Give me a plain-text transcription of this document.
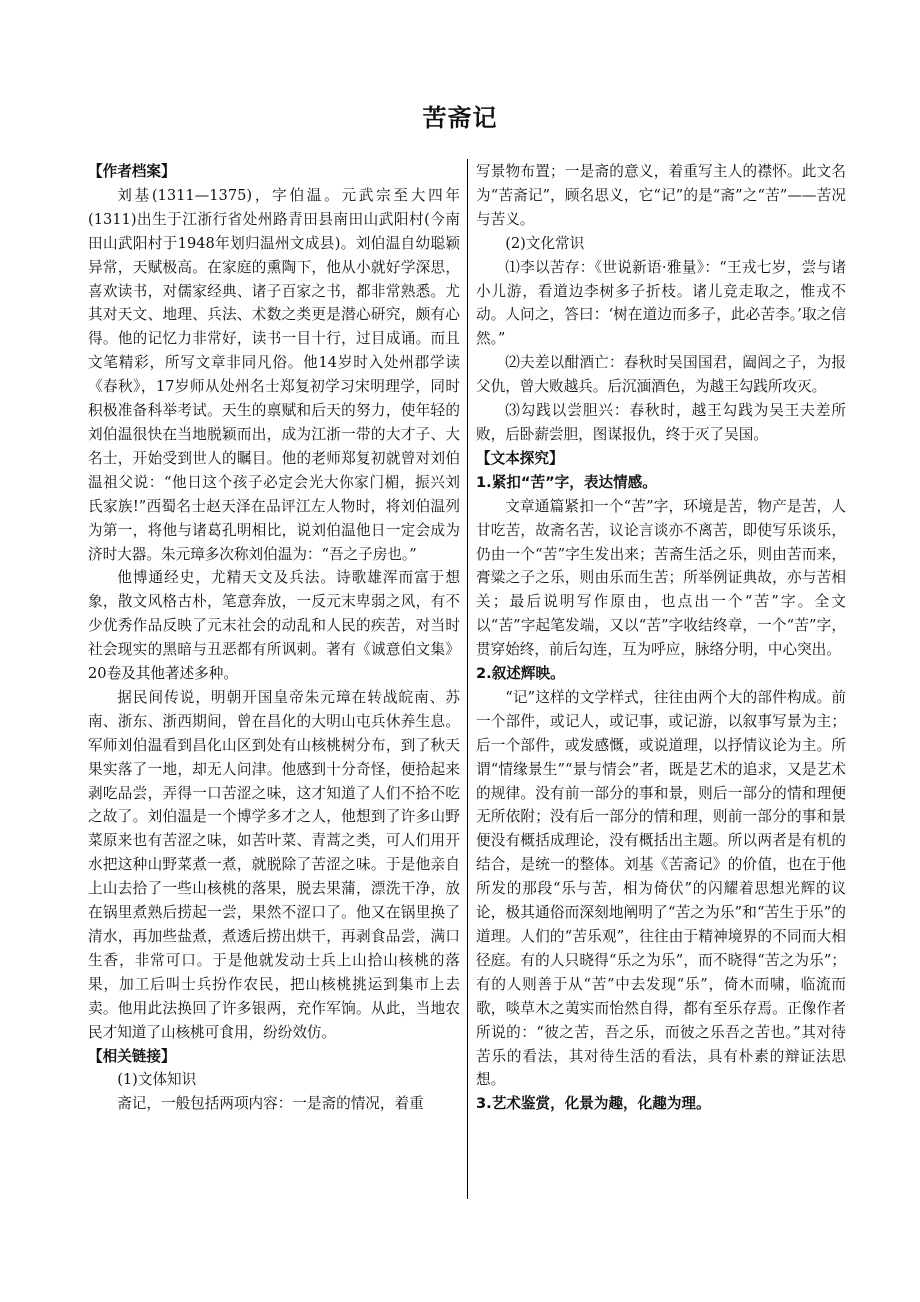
苦斋记
【作者档案】

刘基(1311—1375)，字伯温。元武宗至大四年(1311)出生于江浙行省处州路青田县南田山武阳村(今南田山武阳村于1948年划归温州文成县)。刘伯温自幼聪颖异常，天赋极高。在家庭的熏陶下，他从小就好学深思，喜欢读书，对儒家经典、诸子百家之书，都非常熟悉。尤其对天文、地理、兵法、术数之类更是潜心研究，颇有心得。他的记忆力非常好，读书一目十行，过目成诵。而且文笔精彩，所写文章非同凡俗。他14岁时入处州郡学读《春秋》，17岁师从处州名士郑复初学习宋明理学，同时积极准备科举考试。天生的禀赋和后天的努力，使年轻的刘伯温很快在当地脱颖而出，成为江浙一带的大才子、大名士，开始受到世人的瞩目。他的老师郑复初就曾对刘伯温祖父说：“他日这个孩子必定会光大你家门楣，振兴刘氏家族!”西蜀名士赵天泽在品评江左人物时，将刘伯温列为第一，将他与诸葛孔明相比，说刘伯温他日一定会成为济时大器。朱元璋多次称刘伯温为：“吾之子房也。”

他博通经史，尤精天文及兵法。诗歌雄浑而富于想象，散文风格古朴，笔意奔放，一反元末卑弱之风，有不少优秀作品反映了元末社会的动乱和人民的疾苦，对当时社会现实的黑暗与丑恶都有所讽刺。著有《诚意伯文集》20卷及其他著述多种。

据民间传说，明朝开国皇帝朱元璋在转战皖南、苏南、浙东、浙西期间，曾在昌化的大明山屯兵休养生息。军师刘伯温看到昌化山区到处有山核桃树分布，到了秋天果实落了一地，却无人问津。他感到十分奇怪，便拾起来剥吃品尝，弄得一口苦涩之味，这才知道了人们不拾不吃之故了。刘伯温是一个博学多才之人，他想到了许多山野菜原来也有苦涩之味，如苦叶菜、青蒿之类，可人们用开水把这种山野菜煮一煮，就脱除了苦涩之味。于是他亲自上山去拾了一些山核桃的落果，脱去果蒲，漂洗干净，放在锅里煮熟后捞起一尝，果然不涩口了。他又在锅里换了清水，再加些盐煮，煮透后捞出烘干，再剥食品尝，满口生香，非常可口。于是他就发动士兵上山拾山核桃的落果，加工后叫士兵扮作农民，把山核桃挑运到集市上去卖。他用此法换回了许多银两，充作军饷。从此，当地农民才知道了山核桃可食用，纷纷效仿。

【相关链接】

(1)文体知识

斋记，一般包括两项内容：一是斋的情况，着重

写景物布置；一是斋的意义，着重写主人的襟怀。此文名为“苦斋记”，顾名思义，它“记”的是“斋”之“苦”——苦况与苦义。

(2)文化常识

⑴李以苦存：《世说新语·雅量》：“王戎七岁，尝与诸小儿游，看道边李树多子折枝。诸儿竞走取之，惟戎不动。人问之，答曰：‘树在道边而多子，此必苦李。’取之信然。”

⑵夫差以酣酒亡：春秋时吴国国君，阖闾之子，为报父仇，曾大败越兵。后沉湎酒色，为越王勾践所攻灭。

⑶勾践以尝胆兴：春秋时，越王勾践为吴王夫差所败，后卧薪尝胆，图谋报仇，终于灭了吴国。

【文本探究】
1.紧扣“苦”字，表达情感。

文章通篇紧扣一个“苦”字，环境是苦，物产是苦，人甘吃苦，故斋名苦，议论言谈亦不离苦，即使写乐谈乐，仍由一个“苦”字生发出来；苦斋生活之乐，则由苦而来，膏粱之子之乐，则由乐而生苦；所举例证典故，亦与苦相关；最后说明写作原由，也点出一个“苦”字。全文以“苦”字起笔发端，又以“苦”字收结终章，一个“苦”字，贯穿始终，前后勾连，互为呼应，脉络分明，中心突出。

2.叙述辉映。

“记”这样的文学样式，往往由两个大的部件构成。前一个部件，或记人，或记事，或记游，以叙事写景为主；后一个部件，或发感慨，或说道理，以抒情议论为主。所谓“情缘景生”“景与情会”者，既是艺术的追求，又是艺术的规律。没有前一部分的事和景，则后一部分的情和理便无所依附；没有后一部分的情和理，则前一部分的事和景便没有概括成理论，没有概括出主题。所以两者是有机的结合，是统一的整体。刘基《苦斋记》的价值，也在于他所发的那段“乐与苦，相为倚伏”的闪耀着思想光辉的议论，极其通俗而深刻地阐明了“苦之为乐”和“苦生于乐”的道理。人们的“苦乐观”，往往由于精神境界的不同而大相径庭。有的人只晓得“乐之为乐”，而不晓得“苦之为乐”；有的人则善于从“苦”中去发现“乐”，倚木而啸，临流而歌，啖草木之荑实而怡然自得，都有至乐存焉。正像作者所说的：“彼之苦，吾之乐，而彼之乐吾之苦也。”其对待苦乐的看法，其对待生活的看法，具有朴素的辩证法思想。

3.艺术鉴赏，化景为趣，化趣为理。
